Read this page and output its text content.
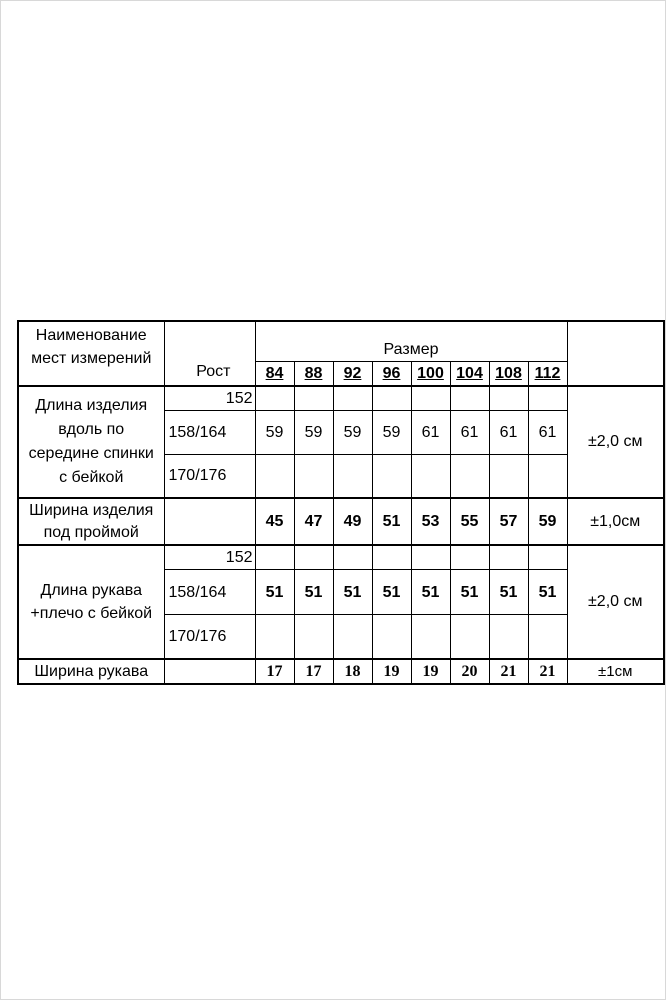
Наименование
мест измерений	Рост	Размер								
		84	88	92	96	100	104	108	112	

Длина изделия
вдоль по
середине спинки
с бейкой	152									±2,0 см
	158/164	59	59	59	59	61	61	61	61	
	170/176									

Ширина изделия
под проймой		45	47	49	51	53	55	57	59	±1,0см

Длина рукава
+плечо с бейкой	152									±2,0 см
	158/164	51	51	51	51	51	51	51	51	
	170/176									
Ширина рукава		17	17	18	19	19	20	21	21	±1см
